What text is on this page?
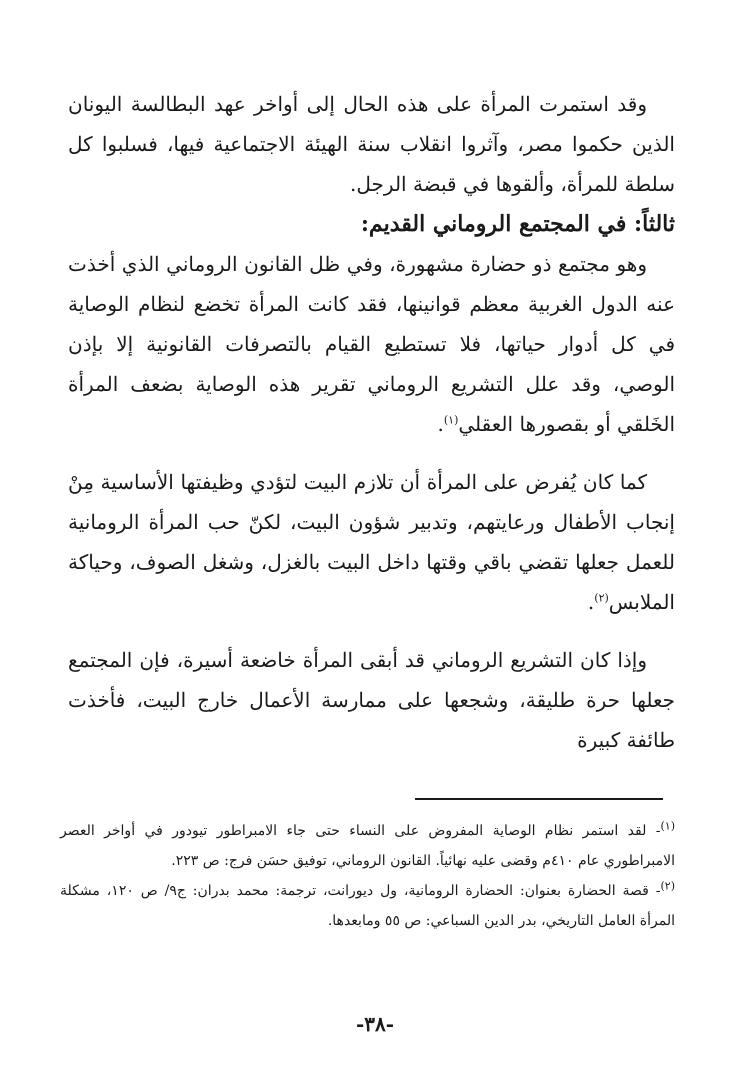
وقد استمرت المرأة على هذه الحال إلى أواخر عهد البطالسة اليونان الذين حكموا مصر، وآثروا انقلاب سنة الهيئة الاجتماعية فيها، فسلبوا كل سلطة للمرأة، وألقوها في قبضة الرجل.

ثالثاً: في المجتمع الروماني القديم:

وهو مجتمع ذو حضارة مشهورة، وفي ظل القانون الروماني الذي أخذت عنه الدول الغربية معظم قوانينها، فقد كانت المرأة تخضع لنظام الوصاية في كل أدوار حياتها، فلا تستطيع القيام بالتصرفات القانونية إلا بإذن الوصي، وقد علل التشريع الروماني تقرير هذه الوصاية بضعف المرأة الخَلقي أو بقصورها العقلي$^{(١)}$.

كما كان يُفرض على المرأة أن تلازم البيت لتؤدي وظيفتها الأساسية مِنْ إنجاب الأطفال ورعايتهم، وتدبير شؤون البيت، لكنّ حب المرأة الرومانية للعمل جعلها تقضي باقي وقتها داخل البيت بالغزل، وشغل الصوف، وحياكة الملابس$^{(٢)}$.

وإذا كان التشريع الروماني قد أبقى المرأة خاضعة أسيرة، فإن المجتمع جعلها حرة طليقة، وشجعها على ممارسة الأعمال خارج البيت، فأخذت طائفة كبيرة

$^{(١)}$- لقد استمر نظام الوصاية المفروض على النساء حتى جاء الامبراطور تيودور في أواخر العصر الامبراطوري عام ٤١٠م وقضى عليه نهائياً. القانون الروماني، توفيق حسَن فرج: ص ٢٢٣.

$^{(٢)}$- قصة الحضارة بعنوان: الحضارة الرومانية، ول ديورانت، ترجمة: محمد بدران: ج٩/ ص ١٢٠، مشكلة المرأة العامل التاريخي، بدر الدين السباعي: ص ٥٥ ومابعدها.

-٣٨-
